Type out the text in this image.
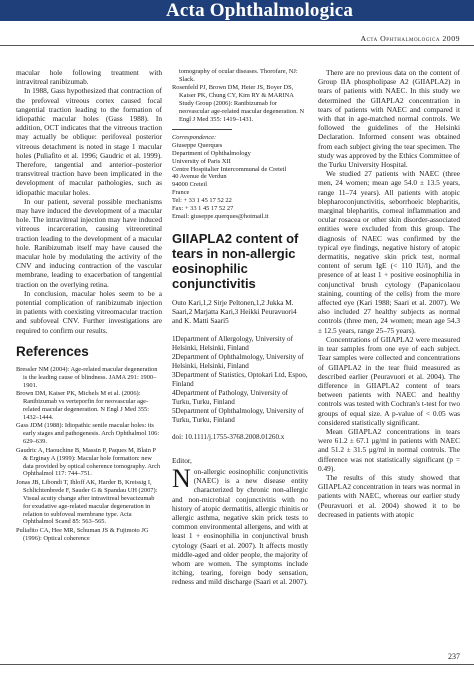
Acta Ophthalmologica
Acta Ophthalmologica 2009

macular hole following treatment with intravitreal ranibizumab.

In 1988, Gass hypothesized that contraction of the prefoveal vitreous cortex caused focal tangential traction leading to the formation of idiopathic macular holes (Gass 1988). In addition, OCT indicates that the vitreous traction may actually be oblique: perifoveal posterior vitreous detachment is noted in stage 1 macular holes (Puliafito et al. 1996; Gaudric et al. 1999). Therefore, tangential and anterior–posterior transvitreal traction have been implicated in the development of macular pathologies, such as idiopathic macular holes.

In our patient, several possible mechanisms may have induced the development of a macular hole. The intravitreal injection may have induced vitreous incarceration, causing vitreoretinal traction leading to the development of a macular hole. Ranibizumab itself may have caused the macular hole by modulating the activity of the CNV and inducing contraction of the vascular membrane, leading to exacerbation of tangential traction on the overlying retina.

In conclusion, macular holes seem to be a potential complication of ranibizumab injection in patients with coexisting vitreomacular traction and subfoveal CNV. Further investigations are required to confirm our results.

References

Bressler NM (2004): Age-related macular degeneration is the leading cause of blindness. JAMA 291: 1900–1901.

Brown DM, Kaiser PK, Michels M et al. (2006): Ranibizumab vs verteporfin for neovascular age-related macular degeneration. N Engl J Med 355: 1432–1444.

Gass JDM (1988): Idiopathic senile macular holes: its early stages and pathogenesis. Arch Ophthalmol 106: 629–639.

Gaudric A, Haouchine B, Massin P, Paques M, Blain P & Erginay A (1999): Macular hole formation: new data provided by optical coherence tomography. Arch Ophthalmol 117: 744–751.

Jonas JB, Libondi T, Ihloff AK, Harder B, Kreissig I, Schlichtenbrede F, Sauder G & Spandau UH (2007): Visual acuity change after intravitreal bevacizumab for exudative age-related macular degeneration in relation to subfoveal membrane type. Acta Ophthalmol Scand 85: 563–565.

Puliafito CA, Hee MR, Schuman JS & Fujimoto JG (1996): Optical coherence

tomography of ocular diseases. Thorofare, NJ: Slack.

Rosenfeld PJ, Brown DM, Heier JS, Boyer DS, Kaiser PK, Chung CY, Kim RY & MARINA Study Group (2006): Ranibizumab for neovascular age-related macular degeneration. N Engl J Med 355: 1419–1431.

Correspondence:

Giuseppe Querques

Department of Ophthalmology

University of Paris XII

Centre Hospitalier Intercommunal de Creteil

40 Avenue de Verdun

94000 Creteil

France

Tel: + 33 1 45 17 52 22

Fax: + 33 1 45 17 52 27

Email: giuseppe.querques@hotmail.it

GIIAPLA2 content of tears in non-allergic eosinophilic conjunctivitis
Outo Kari,1,2 Sirje Peltonen,1,2 Jukka M. Saari,2 Marjatta Kari,3 Heikki Peuravuori4 and K. Matti Saari5

1Department of Allergology, University of Helsinki, Helsinki, Finland

2Department of Ophthalmology, University of Helsinki, Helsinki, Finland

3Department of Statistics, Optokari Ltd, Espoo, Finland

4Department of Pathology, University of Turku, Turku, Finland

5Department of Ophthalmology, University of Turku, Turku, Finland

doi: 10.1111/j.1755-3768.2008.01260.x

Editor,

Non-allergic eosinophilic conjunctivitis (NAEC) is a new disease entity characterized by chronic non-allergic and non-microbial conjunctivitis with no history of atopic dermatitis, allergic rhinitis or allergic asthma, negative skin prick tests to common environmental allergens, and with at least 1 + eosinophilia in conjunctival brush cytology (Saari et al. 2007). It affects mostly middle-aged and older people, the majority of whom are women. The symptoms include itching, tearing, foreign body sensation, redness and mild discharge (Saari et al. 2007).

There are no previous data on the content of Group IIA phospholipase A2 (GIIAPLA2) in tears of patients with NAEC. In this study we determined the GIIAPLA2 concentration in tears of patients with NAEC and compared it with that in age-matched normal controls. We followed the guidelines of the Helsinki Declaration. Informed consent was obtained from each subject giving the tear specimen. The study was approved by the Ethics Committee of the Turku University Hospital.

We studied 27 patients with NAEC (three men, 24 women; mean age 54.0 ± 13.5 years, range 11–74 years). All patients with atopic blepharoconjunctivitis, seborrhoeic blepharitis, marginal blepharitis, corneal inflammation and ocular rosacea or other skin disorder-associated entities were excluded from this group. The diagnosis of NAEC was confirmed by the typical eye findings, negative history of atopic dermatitis, negative skin prick test, normal content of serum IgE (< 110 IU/l), and the presence of at least 1 + positive eosinophilia in conjunctival brush cytology (Papanicolaou staining, counting of the cells) from the more affected eye (Kari 1988; Saari et al. 2007). We also included 27 healthy subjects as normal controls (three men, 24 women; mean age 54.3 ± 12.5 years, range 25–75 years).

Concentrations of GIIAPLA2 were measured in tear samples from one eye of each subject. Tear samples were collected and concentrations of GIIAPLA2 in the tear fluid measured as described earlier (Peuravuori et al. 2004). The difference in GIIAPLA2 content of tears between patients with NAEC and healthy controls was tested with Cochran's t-test for two groups of equal size. A p-value of < 0.05 was considered statistically significant.

Mean GIIAPLA2 concentrations in tears were 61.2 ± 67.1 μg/ml in patients with NAEC and 51.2 ± 31.5 μg/ml in normal controls. The difference was not statistically significant (p = 0.49).

The results of this study showed that GIIAPLA2 concentration in tears was normal in patients with NAEC, whereas our earlier study (Peuravuori et al. 2004) showed it to be decreased in patients with atopic

237
